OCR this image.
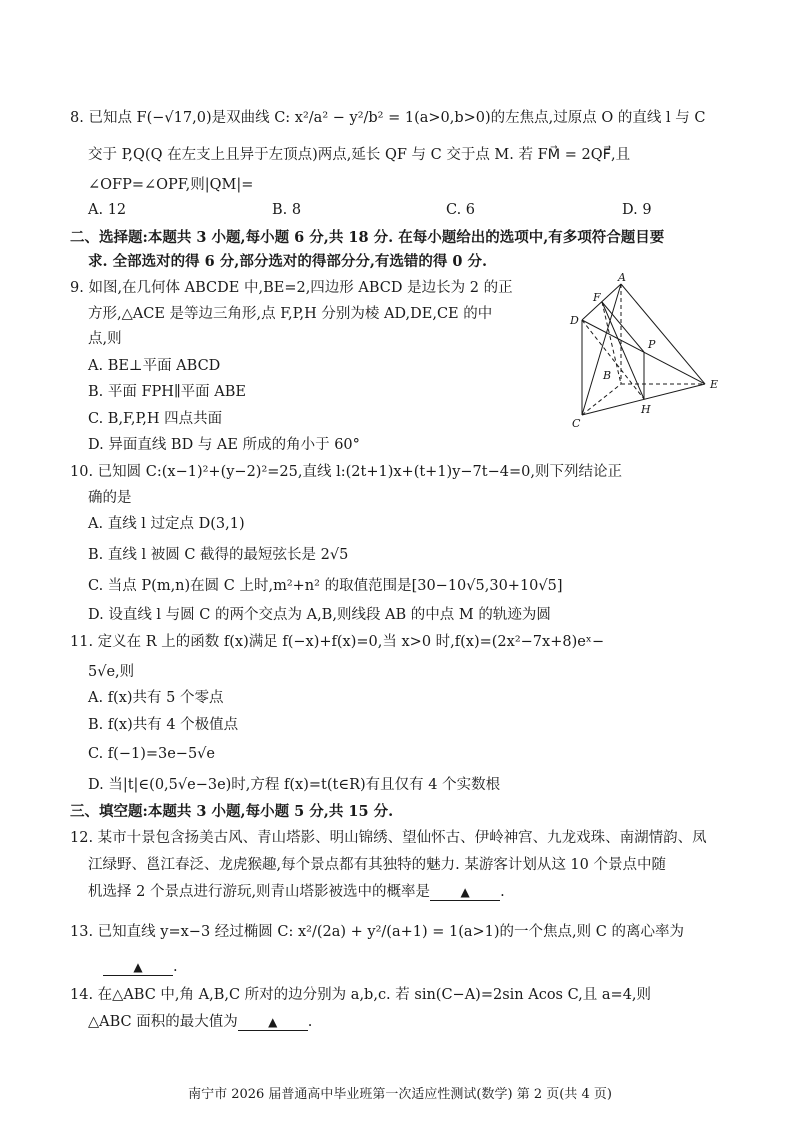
8. 已知点 F(−√17,0)是双曲线 C: x²/a² − y²/b² = 1(a>0,b>0)的左焦点,过原点 O 的直线 l 与 C
交于 P,Q(Q 在左支上且异于左顶点)两点,延长 QF 与 C 交于点 M. 若 FM⃗ = 2QF⃗,且
∠OFP=∠OPF,则|QM|=
A. 12	B. 8	C. 6	D. 9
二、选择题:本题共 3 小题,每小题 6 分,共 18 分. 在每小题给出的选项中,有多项符合题目要
求. 全部选对的得 6 分,部分选对的得部分分,有选错的得 0 分.
9. 如图,在几何体 ABCDE 中,BE=2,四边形 ABCD 是边长为 2 的正
方形,△ACE 是等边三角形,点 F,P,H 分别为棱 AD,DE,CE 的中
点,则
A. BE⊥平面 ABCD
B. 平面 FPH∥平面 ABE
C. B,F,P,H 四点共面
D. 异面直线 BD 与 AE 所成的角小于 60°
A
B
C
D
E
F
P
H
10. 已知圆 C:(x−1)²+(y−2)²=25,直线 l:(2t+1)x+(t+1)y−7t−4=0,则下列结论正
确的是
A. 直线 l 过定点 D(3,1)
B. 直线 l 被圆 C 截得的最短弦长是 2√5
C. 当点 P(m,n)在圆 C 上时,m²+n² 的取值范围是[30−10√5,30+10√5]
D. 设直线 l 与圆 C 的两个交点为 A,B,则线段 AB 的中点 M 的轨迹为圆
11. 定义在 R 上的函数 f(x)满足 f(−x)+f(x)=0,当 x>0 时,f(x)=(2x²−7x+8)eˣ−
5√e,则
A. f(x)共有 5 个零点
B. f(x)共有 4 个极值点
C. f(−1)=3e−5√e
D. 当|t|∈(0,5√e−3e)时,方程 f(x)=t(t∈R)有且仅有 4 个实数根
三、填空题:本题共 3 小题,每小题 5 分,共 15 分.
12. 某市十景包含扬美古风、青山塔影、明山锦绣、望仙怀古、伊岭神宫、九龙戏珠、南湖情韵、凤
江绿野、邕江春泛、龙虎猴趣,每个景点都有其独特的魅力. 某游客计划从这 10 个景点中随
机选择 2 个景点进行游玩,则青山塔影被选中的概率是	▲ .
13. 已知直线 y=x−3 经过椭圆 C: x²/(2a) + y²/(a+1) = 1(a>1)的一个焦点,则 C 的离心率为
▲ .
14. 在△ABC 中,角 A,B,C 所对的边分别为 a,b,c. 若 sin(C−A)=2sin Acos C,且 a=4,则
△ABC 面积的最大值为	▲ .
南宁市 2026 届普通高中毕业班第一次适应性测试(数学) 第 2 页(共 4 页)
